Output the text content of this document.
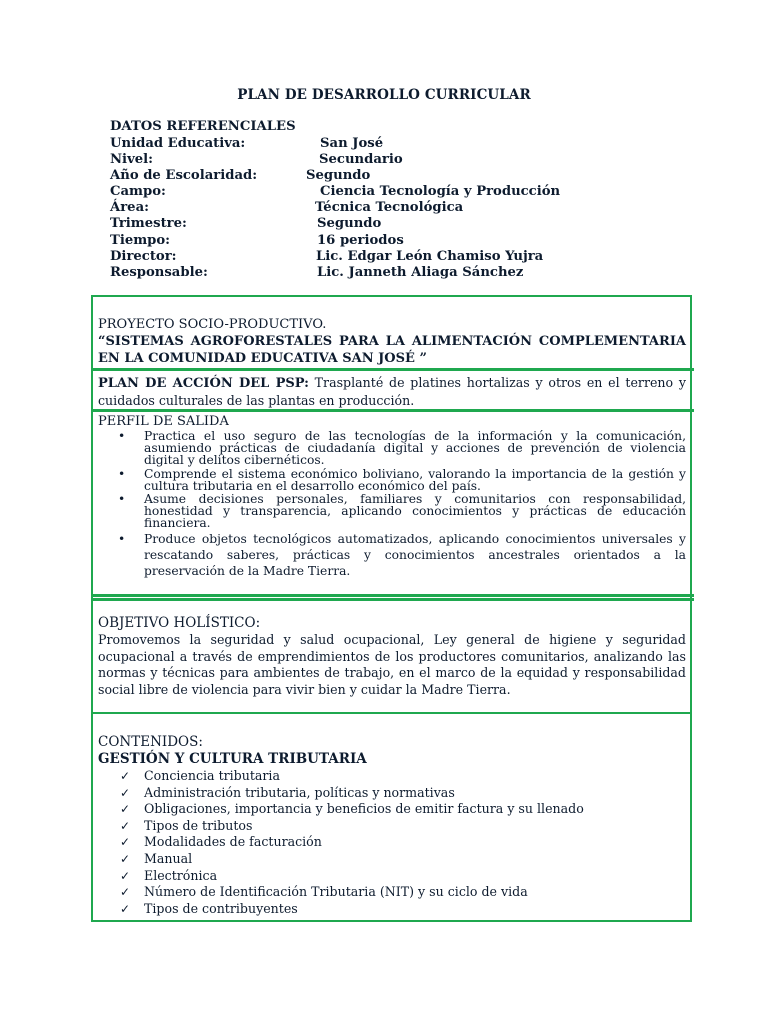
PLAN DE DESARROLLO CURRICULAR
DATOS REFERENCIALES
Unidad Educativa:	San José
Nivel:	Secundario
Año de Escolaridad:	Segundo
Campo:	Ciencia Tecnología y Producción
Área:	Técnica Tecnológica
Trimestre:	Segundo
Tiempo:	16 periodos
Director:	Lic. Edgar León Chamiso Yujra
Responsable:	Lic. Janneth Aliaga Sánchez
PROYECTO SOCIO-PRODUCTIVO.
“SISTEMAS AGROFORESTALES PARA LA ALIMENTACIÓN COMPLEMENTARIA
EN LA COMUNIDAD EDUCATIVA SAN JOSÉ ”
PLAN DE ACCIÓN DEL PSP: Trasplanté de platines hortalizas y otros en el terreno y cuidados culturales de las plantas en producción.
PERFIL DE SALIDA
• Practica el uso seguro de las tecnologías de la información y la comunicación, asumiendo prácticas de ciudadanía digital y acciones de prevención de violencia digital y delitos cibernéticos.
• Comprende el sistema económico boliviano, valorando la importancia de la gestión y cultura tributaria en el desarrollo económico del país.
• Asume decisiones personales, familiares y comunitarios con responsabilidad, honestidad y transparencia, aplicando conocimientos y prácticas de educación financiera.
• Produce objetos tecnológicos automatizados, aplicando conocimientos universales y rescatando saberes, prácticas y conocimientos ancestrales orientados a la preservación de la Madre Tierra.
OBJETIVO HOLÍSTICO:
Promovemos la seguridad y salud ocupacional, Ley general de higiene y seguridad ocupacional a través de emprendimientos de los productores comunitarios, analizando las normas y técnicas para ambientes de trabajo, en el marco de la equidad y responsabilidad social libre de violencia para vivir bien y cuidar la Madre Tierra.
CONTENIDOS:
GESTIÓN Y CULTURA TRIBUTARIA
✓ Conciencia tributaria
✓ Administración tributaria, políticas y normativas
✓ Obligaciones, importancia y beneficios de emitir factura y su llenado
✓ Tipos de tributos
✓ Modalidades de facturación
✓ Manual
✓ Electrónica
✓ Número de Identificación Tributaria (NIT) y su ciclo de vida
✓ Tipos de contribuyentes
